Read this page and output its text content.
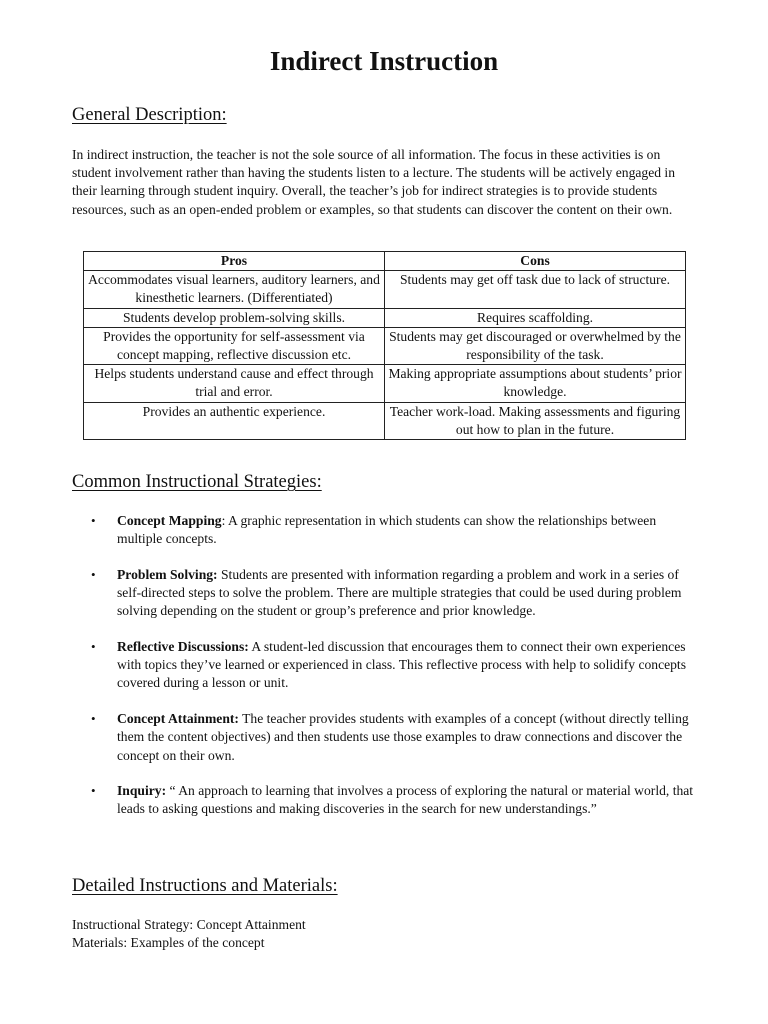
Indirect Instruction
General Description:

In indirect instruction, the teacher is not the sole source of all information. The focus in these activities is on student involvement rather than having the students listen to a lecture. The students will be actively engaged in their learning through student inquiry. Overall, the teacher’s job for indirect strategies is to provide students resources, such as an open-ended problem or examples, so that students can discover the content on their own.

Pros	Cons
Accommodates visual learners, auditory learners, and kinesthetic learners. (Differentiated)	Students may get off task due to lack of structure.
Students develop problem-solving skills.	Requires scaffolding.
Provides the opportunity for self-assessment via concept mapping, reflective discussion etc.	Students may get discouraged or overwhelmed by the responsibility of the task.
Helps students understand cause and effect through trial and error.	Making appropriate assumptions about students’ prior knowledge.
Provides an authentic experience.	Teacher work-load. Making assessments and figuring out how to plan in the future.
Common Instructional Strategies:
• Concept Mapping: A graphic representation in which students can show the relationships between multiple concepts.
• Problem Solving: Students are presented with information regarding a problem and work in a series of self-directed steps to solve the problem. There are multiple strategies that could be used during problem solving depending on the student or group’s preference and prior knowledge.
• Reflective Discussions: A student-led discussion that encourages them to connect their own experiences with topics they’ve learned or experienced in class. This reflective process with help to solidify concepts covered during a lesson or unit.
• Concept Attainment: The teacher provides students with examples of a concept (without directly telling them the content objectives) and then students use those examples to draw connections and discover the concept on their own.
• Inquiry: “ An approach to learning that involves a process of exploring the natural or material world, that leads to asking questions and making discoveries in the search for new understandings.”
Detailed Instructions and Materials:

Instructional Strategy: Concept Attainment

Materials: Examples of the concept
